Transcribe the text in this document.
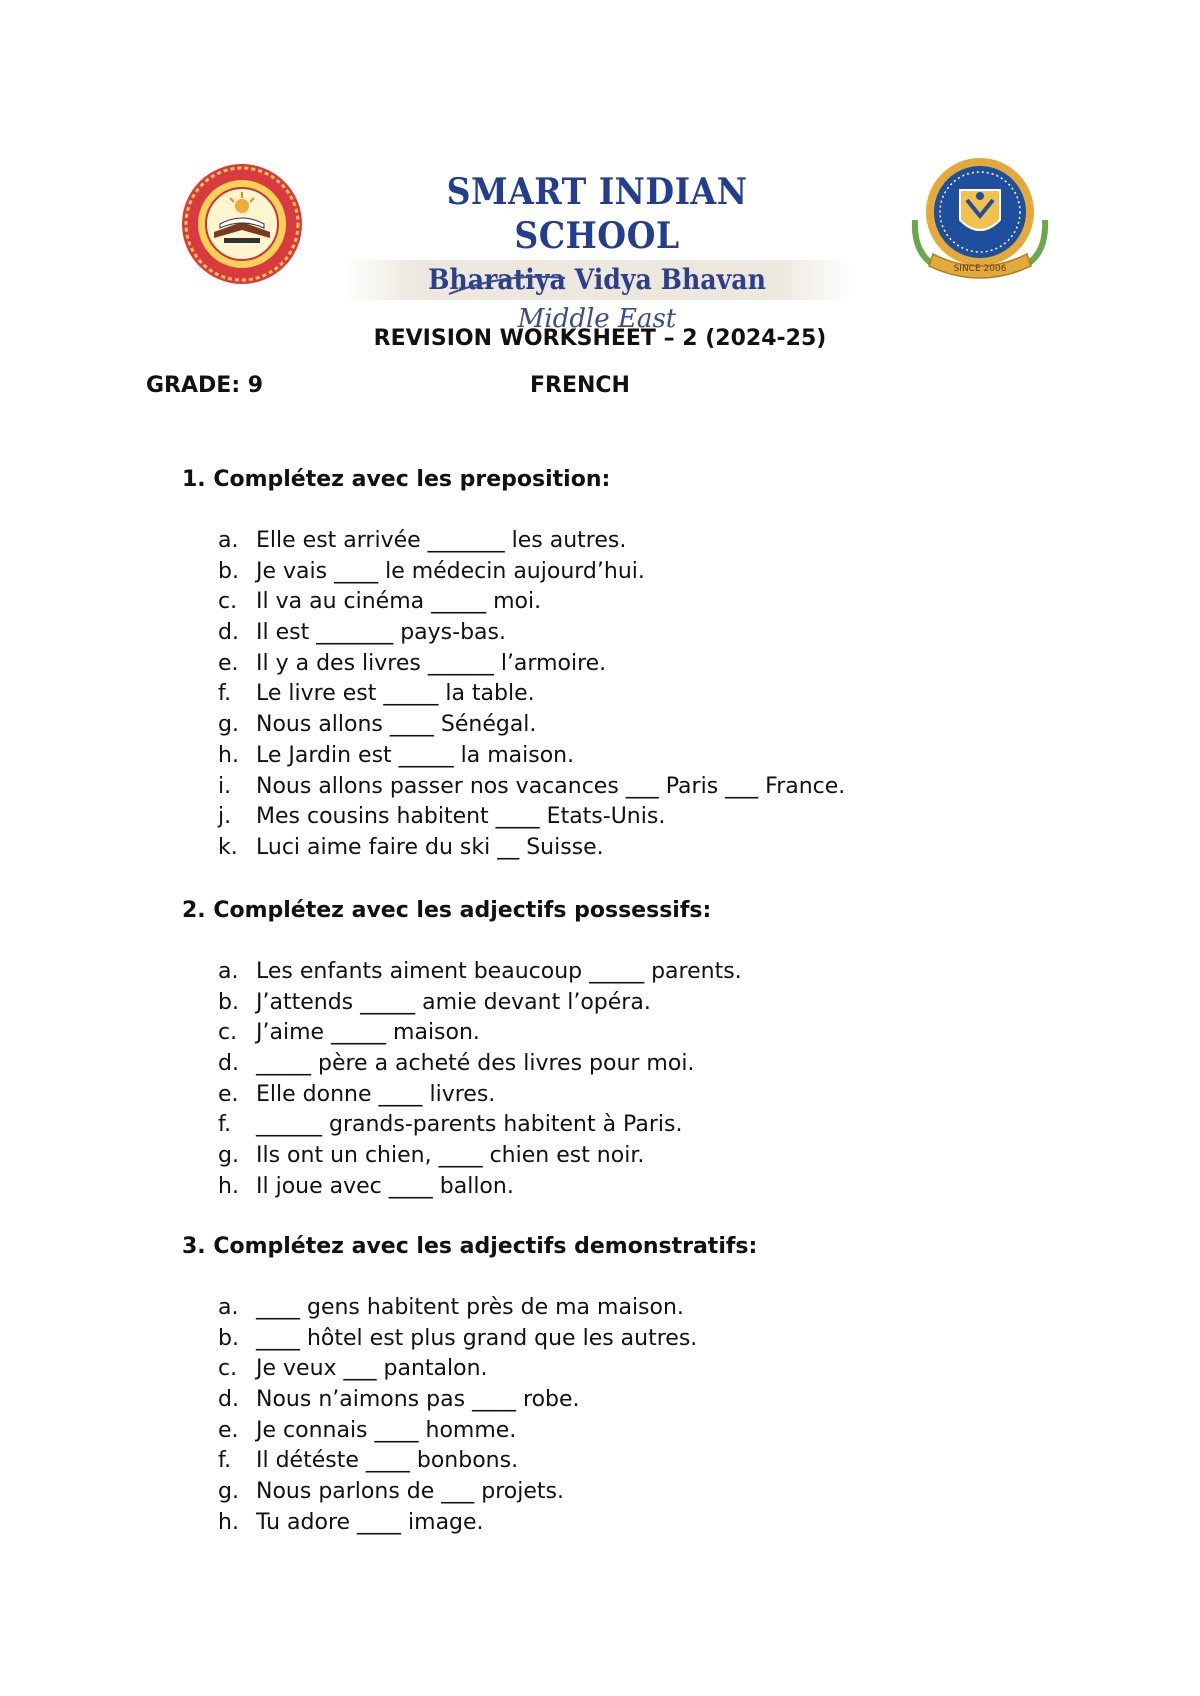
SMART INDIAN SCHOOL
Bharatiya Vidya Bhavan
Middle East
SINCE 2006
REVISION WORKSHEET – 2 (2024-25)
GRADE: 9	FRENCH
1. Complétez avec les preposition:
a. Elle est arrivée _______ les autres.
b. Je vais ____ le médecin aujourd’hui.
c. Il va au cinéma _____ moi.
d. Il est _______ pays-bas.
e. Il y a des livres ______ l’armoire.
f. Le livre est _____ la table.
g. Nous allons ____ Sénégal.
h. Le Jardin est _____ la maison.
i. Nous allons passer nos vacances ___ Paris ___ France.
j. Mes cousins habitent ____ Etats-Unis.
k. Luci aime faire du ski __ Suisse.
2. Complétez avec les adjectifs possessifs:
a. Les enfants aiment beaucoup _____ parents.
b. J’attends _____ amie devant l’opéra.
c. J’aime _____ maison.
d. _____ père a acheté des livres pour moi.
e. Elle donne ____ livres.
f. ______ grands-parents habitent à Paris.
g. Ils ont un chien, ____ chien est noir.
h. Il joue avec ____ ballon.
3. Complétez avec les adjectifs demonstratifs:
a. ____ gens habitent près de ma maison.
b. ____ hôtel est plus grand que les autres.
c. Je veux ___ pantalon.
d. Nous n’aimons pas ____ robe.
e. Je connais ____ homme.
f. Il détéste ____ bonbons.
g. Nous parlons de ___ projets.
h. Tu adore ____ image.
